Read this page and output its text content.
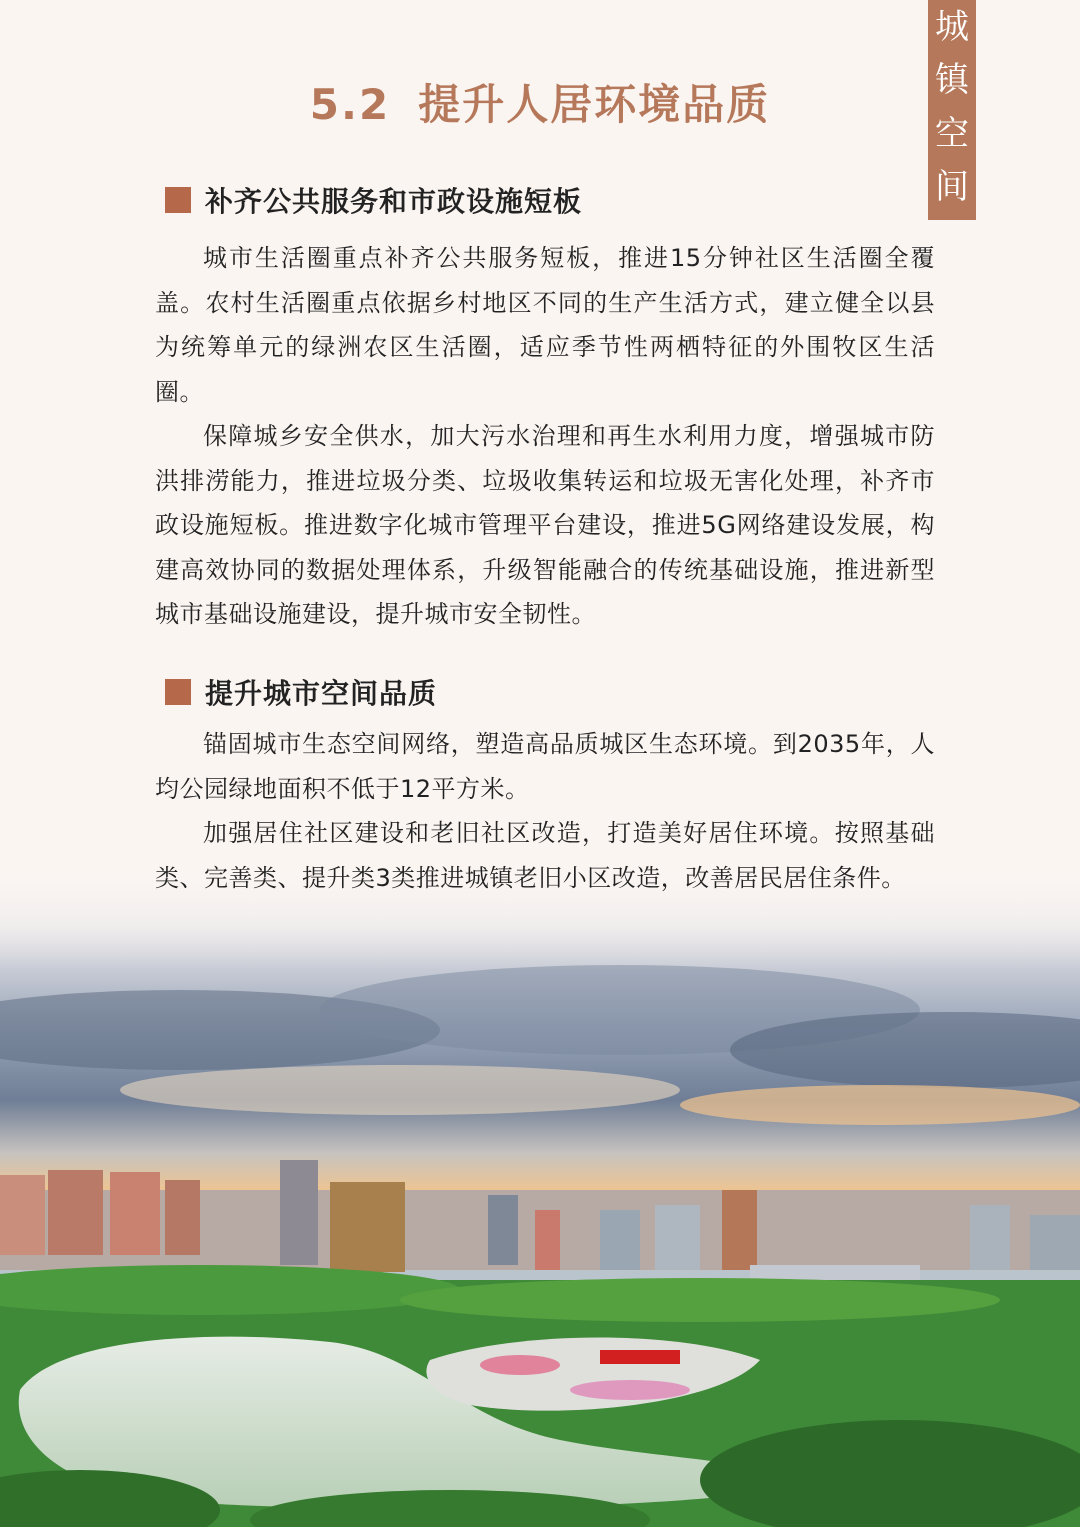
城
镇
空
间
5.2 提升人居环境品质
补齐公共服务和市政设施短板

城市生活圈重点补齐公共服务短板，推进15分钟社区生活圈全覆盖。农村生活圈重点依据乡村地区不同的生产生活方式，建立健全以县为统筹单元的绿洲农区生活圈，适应季节性两栖特征的外围牧区生活圈。

保障城乡安全供水，加大污水治理和再生水利用力度，增强城市防洪排涝能力，推进垃圾分类、垃圾收集转运和垃圾无害化处理，补齐市政设施短板。推进数字化城市管理平台建设，推进5G网络建设发展，构建高效协同的数据处理体系，升级智能融合的传统基础设施，推进新型城市基础设施建设，提升城市安全韧性。

提升城市空间品质

锚固城市生态空间网络，塑造高品质城区生态环境。到2035年，人均公园绿地面积不低于12平方米。

加强居住社区建设和老旧社区改造，打造美好居住环境。按照基础类、完善类、提升类3类推进城镇老旧小区改造，改善居民居住条件。
